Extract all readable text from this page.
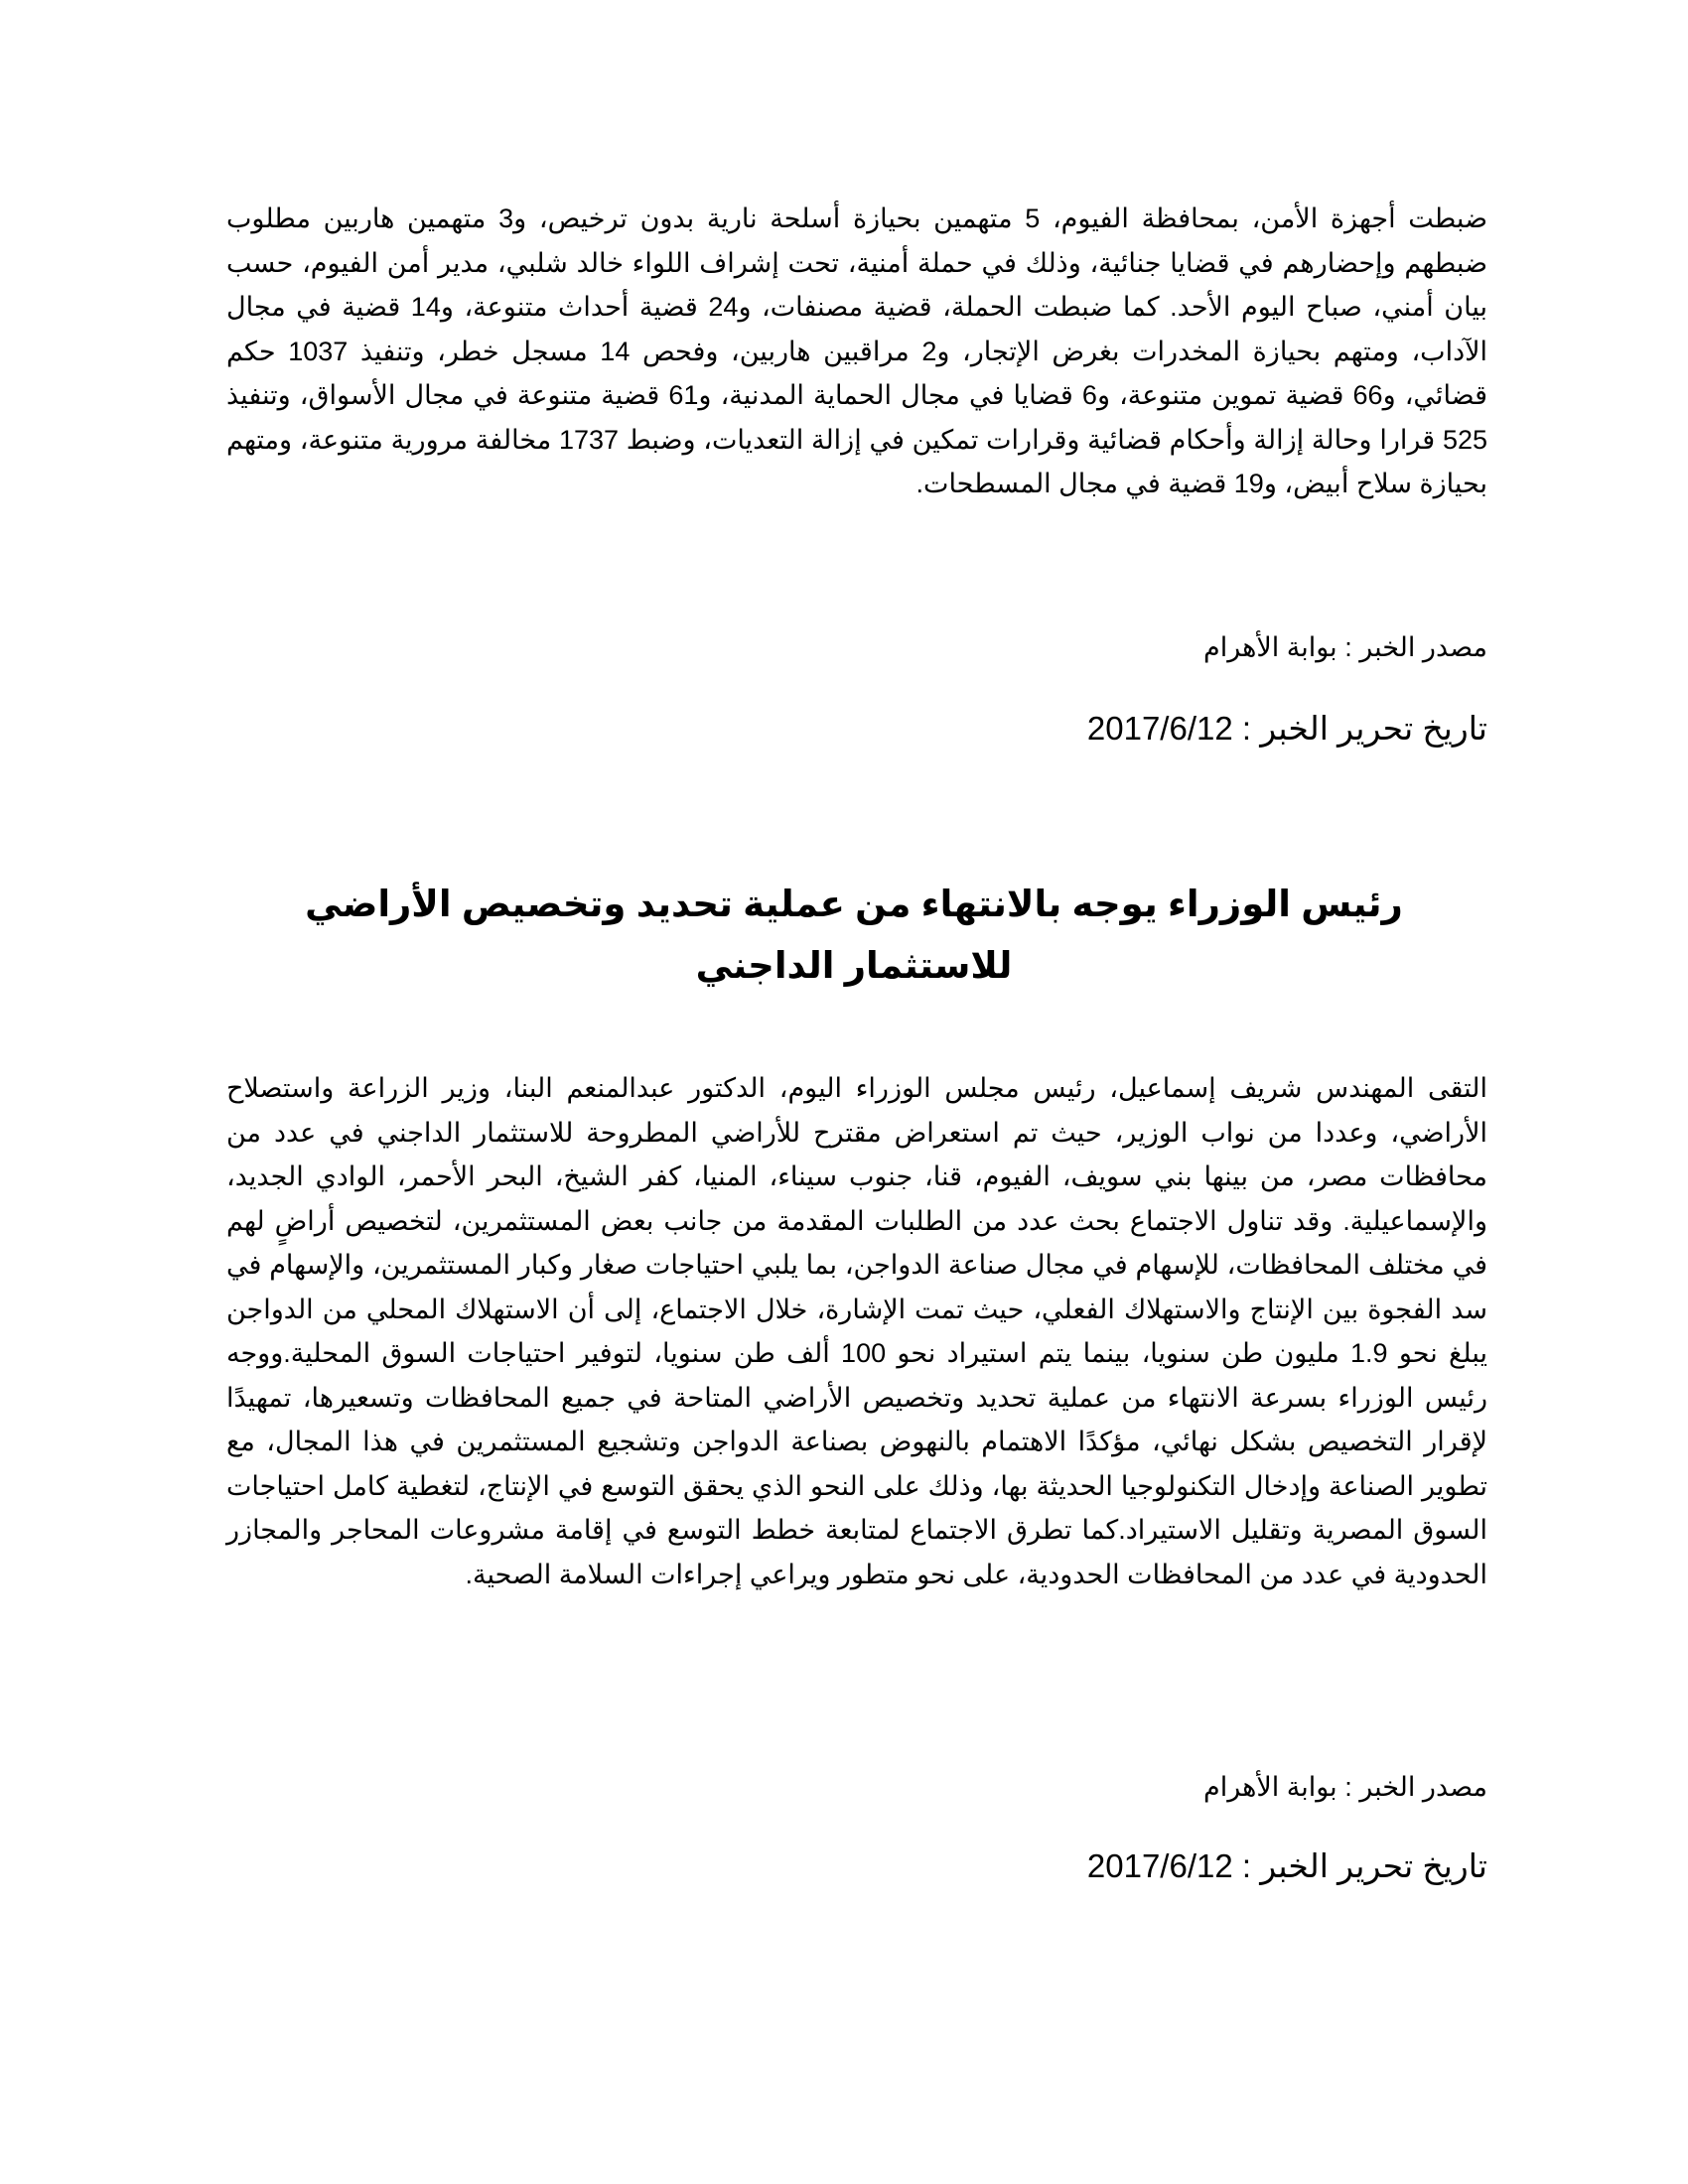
ضبطت أجهزة الأمن، بمحافظة الفيوم، 5 متهمين بحيازة أسلحة نارية بدون ترخيص، و3 متهمين هاربين مطلوب ضبطهم وإحضارهم في قضايا جنائية، وذلك في حملة أمنية، تحت إشراف اللواء خالد شلبي، مدير أمن الفيوم، حسب بيان أمني، صباح اليوم الأحد. كما ضبطت الحملة، قضية مصنفات، و24 قضية أحداث متنوعة، و14 قضية في مجال الآداب، ومتهم بحيازة المخدرات بغرض الإتجار، و2 مراقبين هاربين، وفحص 14 مسجل خطر، وتنفيذ 1037 حكم قضائي، و66 قضية تموين متنوعة، و6 قضايا في مجال الحماية المدنية، و61 قضية متنوعة في مجال الأسواق، وتنفيذ 525 قرارا وحالة إزالة وأحكام قضائية وقرارات تمكين في إزالة التعديات، وضبط 1737 مخالفة مرورية متنوعة، ومتهم بحيازة سلاح أبيض، و19 قضية في مجال المسطحات.

مصدر الخبر : بوابة الأهرام

تاريخ تحرير الخبر : 2017/6/12

رئيس الوزراء يوجه بالانتهاء من عملية تحديد وتخصيص الأراضي للاستثمار الداجني

التقى المهندس شريف إسماعيل، رئيس مجلس الوزراء اليوم، الدكتور عبدالمنعم البنا، وزير الزراعة واستصلاح الأراضي، وعددا من نواب الوزير، حيث تم استعراض مقترح للأراضي المطروحة للاستثمار الداجني في عدد من محافظات مصر، من بينها بني سويف، الفيوم، قنا، جنوب سيناء، المنيا، كفر الشيخ، البحر الأحمر، الوادي الجديد، والإسماعيلية. وقد تناول الاجتماع بحث عدد من الطلبات المقدمة من جانب بعض المستثمرين، لتخصيص أراضٍ لهم في مختلف المحافظات، للإسهام في مجال صناعة الدواجن، بما يلبي احتياجات صغار وكبار المستثمرين، والإسهام في سد الفجوة بين الإنتاج والاستهلاك الفعلي، حيث تمت الإشارة، خلال الاجتماع، إلى أن الاستهلاك المحلي من الدواجن يبلغ نحو 1.9 مليون طن سنويا، بينما يتم استيراد نحو 100 ألف طن سنويا، لتوفير احتياجات السوق المحلية.ووجه رئيس الوزراء بسرعة الانتهاء من عملية تحديد وتخصيص الأراضي المتاحة في جميع المحافظات وتسعيرها، تمهيدًا لإقرار التخصيص بشكل نهائي، مؤكدًا الاهتمام بالنهوض بصناعة الدواجن وتشجيع المستثمرين في هذا المجال، مع تطوير الصناعة وإدخال التكنولوجيا الحديثة بها، وذلك على النحو الذي يحقق التوسع في الإنتاج، لتغطية كامل احتياجات السوق المصرية وتقليل الاستيراد.كما تطرق الاجتماع لمتابعة خطط التوسع في إقامة مشروعات المحاجر والمجازر الحدودية في عدد من المحافظات الحدودية، على نحو متطور ويراعي إجراءات السلامة الصحية.

مصدر الخبر : بوابة الأهرام

تاريخ تحرير الخبر : 2017/6/12
